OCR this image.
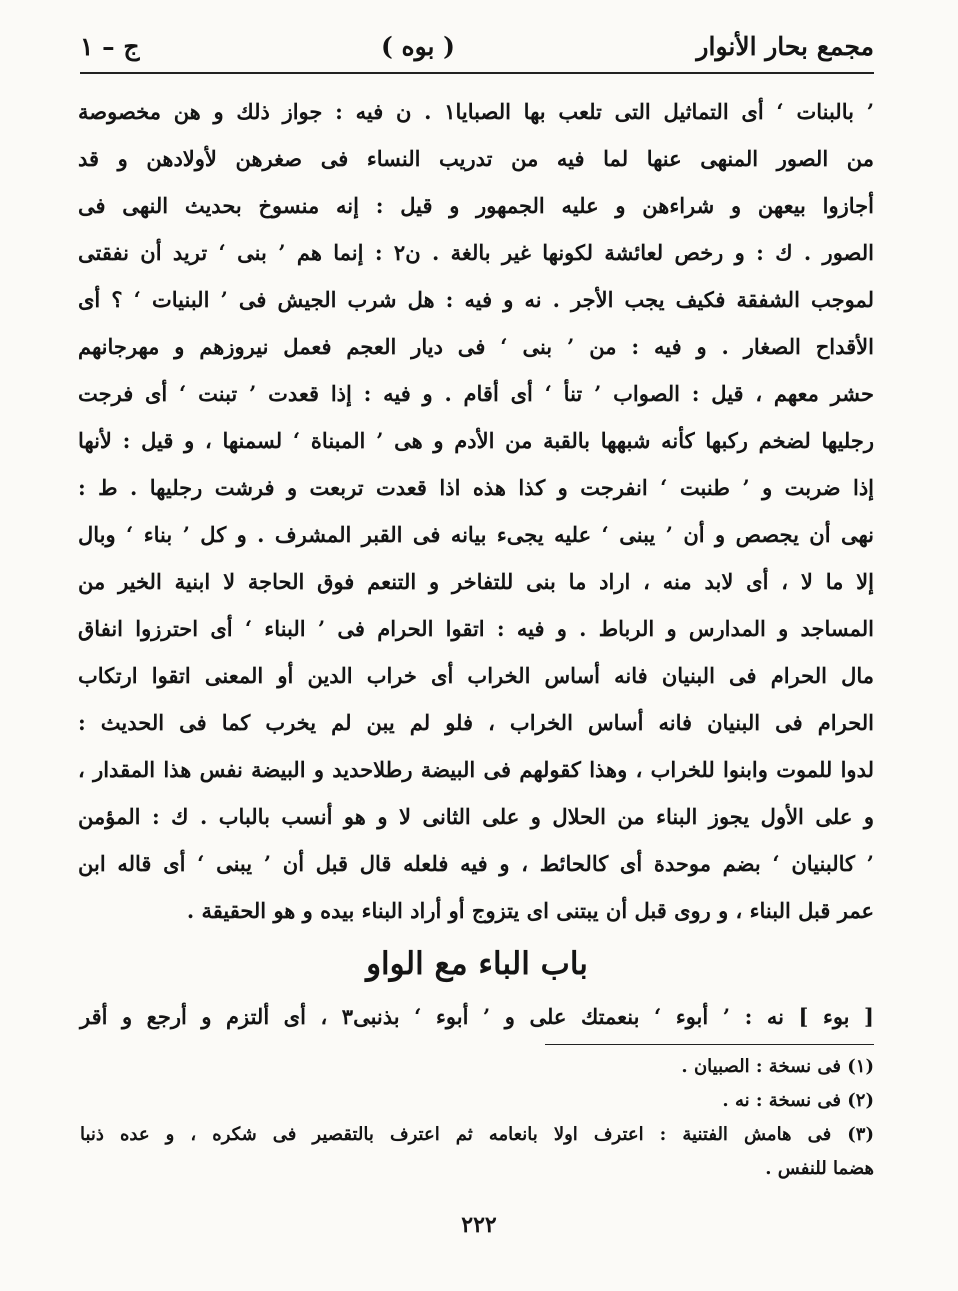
مجمع بحار الأنوار
( بوه )
ج – ١
’ بالبنات ‘ أى التماثيل التى تلعب بها الصبايا١ . ن فيه : جواز ذلك و هن مخصوصة
من الصور المنهى عنها لما فيه من تدريب النساء فى صغرهن لأولادهن و قد
أجازوا بيعهن و شراءهن و عليه الجمهور و قيل : إنه منسوخ بحديث النهى فى
الصور . ك : و رخص لعائشة لكونها غير بالغة . ن٢ : إنما هم ’ بنى ‘ تريد أن نفقتى
لموجب الشفقة فكيف يجب الأجر . نه و فيه : هل شرب الجيش فى ’ البنيات ‘ ؟ أى
الأقداح الصغار . و فيه : من ’ بنى ‘ فى ديار العجم فعمل نيروزهم و مهرجانهم
حشر معهم ، قيل : الصواب ’ تنأ ‘ أى أقام . و فيه : إذا قعدت ’ تبنت ‘ أى فرجت
رجليها لضخم ركبها كأنه شبهها بالقبة من الأدم و هى ’ المبناة ‘ لسمنها ، و قيل : لأنها
إذا ضربت و ’ طنبت ‘ انفرجت و كذا هذه اذا قعدت تربعت و فرشت رجليها . ط :
نهى أن يجصص و أن ’ يبنى ‘ عليه يجىء بيانه فى القبر المشرف . و كل ’ بناء ‘ وبال
إلا ما لا ، أى لابد منه ، اراد ما بنى للتفاخر و التنعم فوق الحاجة لا ابنية الخير من
المساجد و المدارس و الرباط . و فيه : اتقوا الحرام فى ’ البناء ‘ أى احترزوا انفاق
مال الحرام فى البنيان فانه أساس الخراب أى خراب الدين أو المعنى اتقوا ارتكاب
الحرام فى البنيان فانه أساس الخراب ، فلو لم يبن لم يخرب كما فى الحديث :
لدوا للموت وابنوا للخراب ، وهذا كقولهم فى البيضة رطلاحديد و البيضة نفس هذا المقدار ،
و على الأول يجوز البناء من الحلال و على الثانى لا و هو أنسب بالباب . ك : المؤمن
’ كالبنيان ‘ بضم موحدة أى كالحائط ، و فيه فلعله قال قبل أن ’ يبنى ‘ أى قاله ابن
عمر قبل البناء ، و روى قبل أن يبتنى اى يتزوج أو أراد البناء بيده و هو الحقيقة .
باب الباء مع الواو
[ بوء ] نه : ’ أبوء ‘ بنعمتك على و ’ أبوء ‘ بذنبى٣ ، أى ألتزم و أرجع و أقر
(١) فى نسخة : الصبيان .
(٢) فى نسخة : نه .
(٣) فى هامش الفتنية : اعترف اولا بانعامه ثم اعترف بالتقصير فى شكره ، و عده ذنبا
هضما للنفس .
٢٢٢
